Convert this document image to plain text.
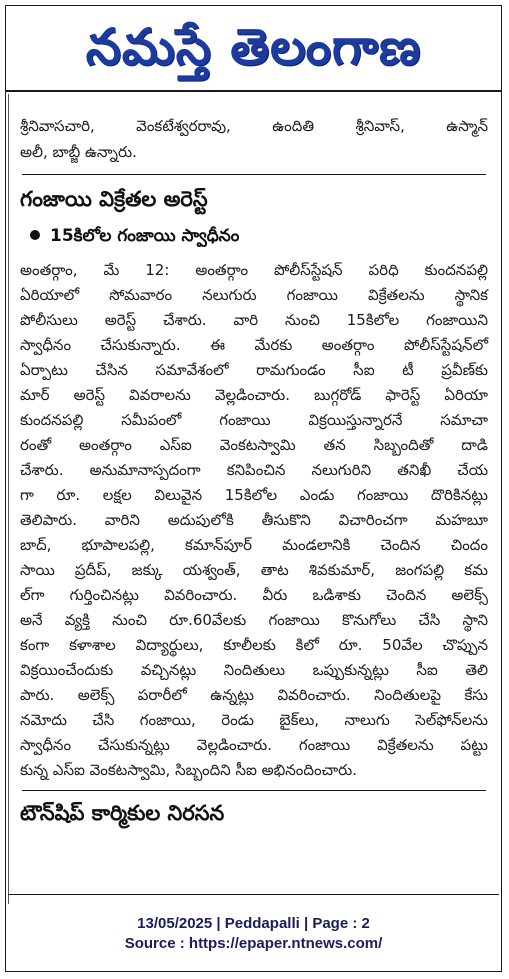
నమస్తే తెలంగాణ
శ్రీనివాసచారి, వెంకటేశ్వరరావు, ఉందితి శ్రీనివాస్, ఉస్మాన్
అలీ, బాబ్జీ ఉన్నారు.
గంజాయి విక్రేతల అరెస్ట్
15కిలోల గంజాయి స్వాధీనం
అంతర్గాం, మే 12: అంతర్గాం పోలీస్‌స్టేషన్ పరిధి కుందనపల్లి
ఏరియాలో సోమవారం నలుగురు గంజాయి విక్రేతలను స్థానిక
పోలీసులు అరెస్ట్ చేశారు. వారి నుంచి 15కిలోల గంజాయిని
స్వాధీనం చేసుకున్నారు. ఈ మేరకు అంతర్గాం పోలీస్‌స్టేషన్‌లో
ఏర్పాటు చేసిన సమావేశంలో రామగుండం సీఐ టీ ప్రవీణ్‌కు
మార్ అరెస్ట్ వివరాలను వెల్లడించారు. బుగ్గరోడ్ ఫారెస్ట్ ఏరియా
కుందనపల్లి సమీపంలో గంజాయి విక్రయిస్తున్నారనే సమాచా
రంతో అంతర్గాం ఎస్ఐ వెంకటస్వామి తన సిబ్బందితో దాడి
చేశారు. అనుమానాస్పదంగా కనిపించిన నలుగురిని తనిఖీ చేయ
గా రూ. లక్షల విలువైన 15కిలోల ఎండు గంజాయి దొరికినట్లు
తెలిపారు. వారిని అదుపులోకి తీసుకొని విచారించగా మహబూ
బాద్, భూపాలపల్లి, కమాన్‌పూర్ మండలానికి చెందిన చిందం
సాయి ప్రదీప్, జక్కు యశ్వంత్, తాట శివకుమార్, జంగపల్లి కమ
ల్‌గా గుర్తించినట్లు వివరించారు. వీరు ఒడిశాకు చెందిన అలెక్స్
అనే వ్యక్తి నుంచి రూ.60వేలకు గంజాయి కొనుగోలు చేసి స్థాని
కంగా కళాశాల విద్యార్థులు, కూలీలకు కిలో రూ. 50వేల చొప్పున
విక్రయించేందుకు వచ్చినట్లు నిందితులు ఒప్పుకున్నట్లు సీఐ తెలి
పారు. అలెక్స్ పరారీలో ఉన్నట్లు వివరించారు. నిందితులపై కేసు
నమోదు చేసి గంజాయి, రెండు బైక్‌లు, నాలుగు సెల్‌ఫోన్‌లను
స్వాధీనం చేసుకున్నట్లు వెల్లడించారు. గంజాయి విక్రేతలను పట్టు
కున్న ఎస్ఐ వెంకటస్వామి, సిబ్బందిని సీఐ అభినందించారు.
టౌన్‌షిప్ కార్మికుల నిరసన
13/05/2025 | Peddapalli | Page : 2
Source : https://epaper.ntnews.com/
